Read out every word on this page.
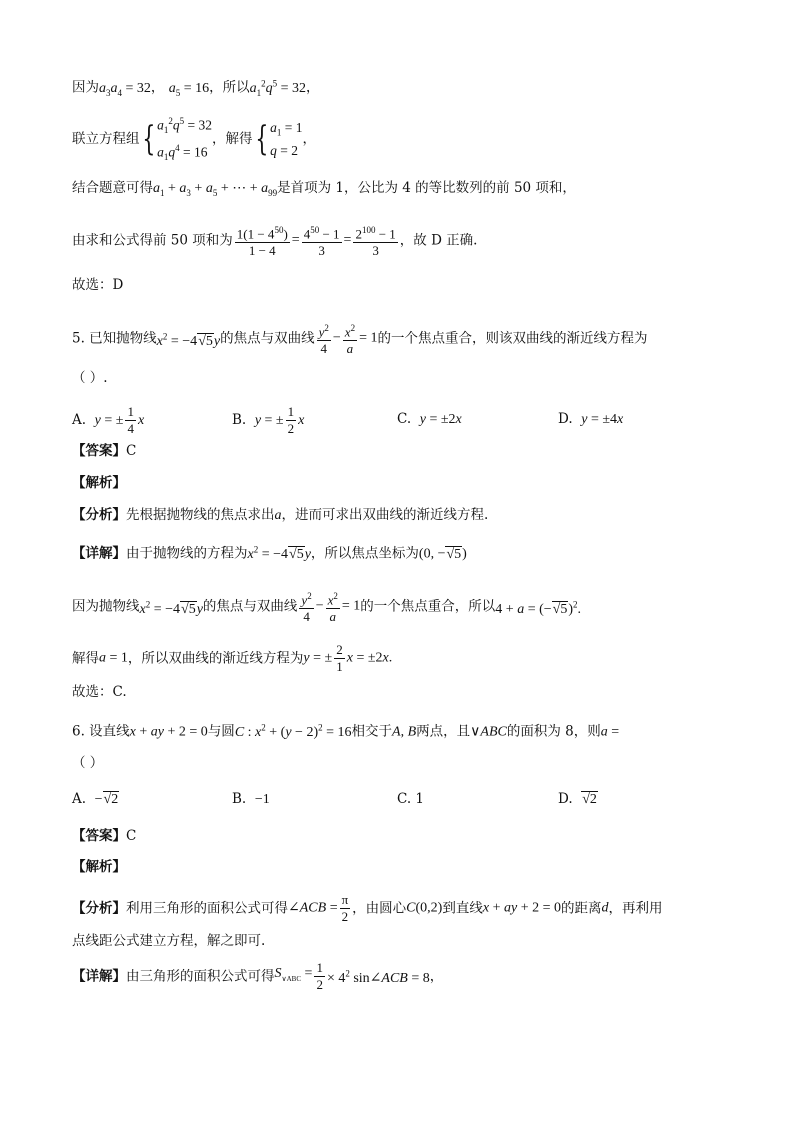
因为$a_3a_4 = 32$， $a_5 = 16$，所以$a_1^2q^5 = 32$，
联立方程组{ $a_1^2q^5 = 32$
$a_1q^4 = 16$
，解得{ $a_1 = 1$
q = 2
，
结合题意可得$a_1 + a_3 + a_5$ + ⋯ + $a_{99}$是首项为 1，公比为 4 的等比数列的前 50 项和，
由求和公式得前 50 项和为 $\frac{1(1 - 4^{50})}{1 - 4} = \frac{4^{50} - 1}{3} = \frac{2^{100} - 1}{3}$ ，故 D 正确.
故选：D
5. 已知抛物线$x^2 = -4√5y$的焦点与双曲线 $\frac{y^2}{4} - \frac{x^2}{a} = 1$的一个焦点重合，则该双曲线的渐近线方程为
（ ）.
A. y = ± $\frac{1}{4}$ x	B. y = ± $\frac{1}{2}$ x	C. y = ±2x	D. y = ±4x
【答案】C
【解析】
【分析】先根据抛物线的焦点求出a，进而可求出双曲线的渐近线方程.
【详解】由于抛物线的方程为$x^2 = -4√5y$，所以焦点坐标为(0, −√5)
因为抛物线$x^2 = -4√5y$的焦点与双曲线 $\frac{y^2}{4} - \frac{x^2}{a} = 1$的一个焦点重合，所以$4 + a = (-√5)^2$.
解得a = 1，所以双曲线的渐近线方程为y = ± $\frac{2}{1}$ x = ±2x.
故选：C.
6. 设直线x + ay + 2 = 0与圆C : $x^2 + (y - 2)^2 = 16$相交于A, B两点，且∨ABC的面积为 8，则a =
（ ）
A. −√2	B. −1	C. 1	D. √2
【答案】C
【解析】
【分析】利用三角形的面积公式可得∠ACB = $\frac{\pi}{2}$ ，由圆心C(0,2)到直线x + ay + 2 = 0的距离d，再利用
点线距公式建立方程，解之即可.
【详解】由三角形的面积公式可得$S_{\vee ABC} = \frac{1}{2} \times 4^2$ sin∠ACB = 8，
